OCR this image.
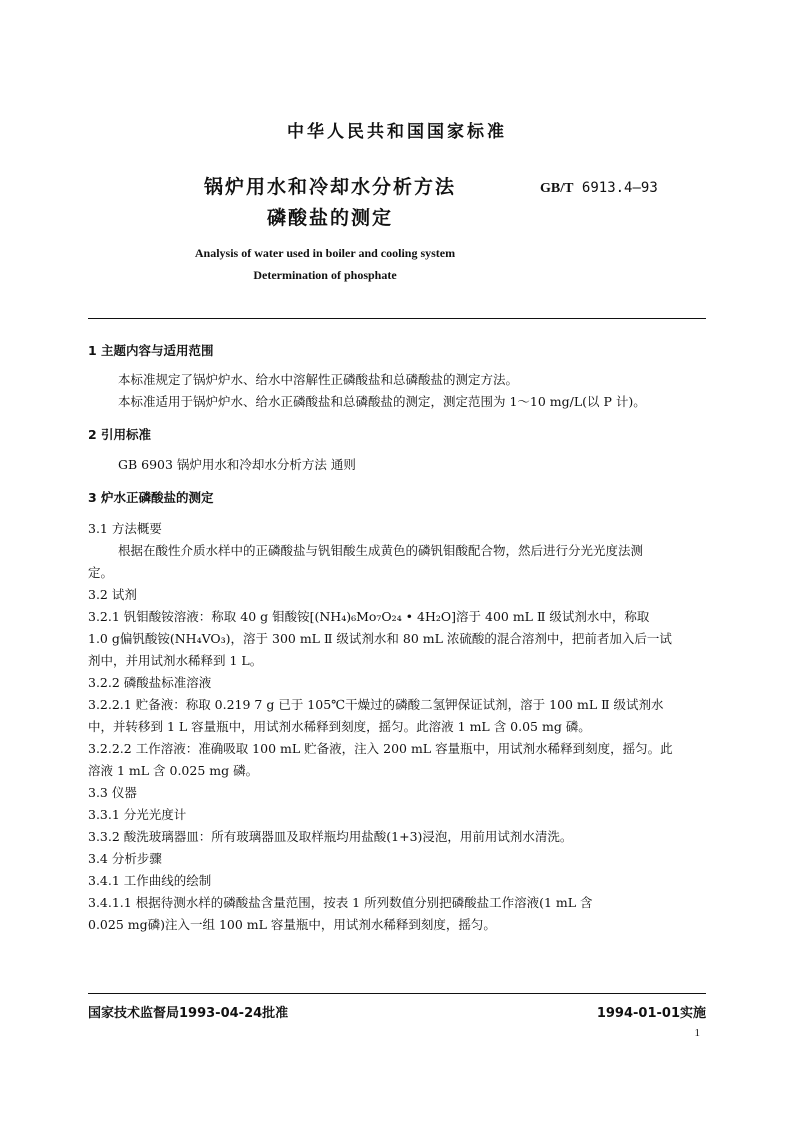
中华人民共和国国家标准
锅炉用水和冷却水分析方法
磷酸盐的测定
GB/T 6913.4—93
Analysis of water used in boiler and cooling system
Determination of phosphate
1 主题内容与适用范围
本标准规定了锅炉炉水、给水中溶解性正磷酸盐和总磷酸盐的测定方法。
本标准适用于锅炉炉水、给水正磷酸盐和总磷酸盐的测定，测定范围为 1～10 mg/L(以 P 计)。
2 引用标准
GB 6903 锅炉用水和冷却水分析方法 通则
3 炉水正磷酸盐的测定
3.1 方法概要
根据在酸性介质水样中的正磷酸盐与钒钼酸生成黄色的磷钒钼酸配合物，然后进行分光光度法测
定。
3.2 试剂
3.2.1 钒钼酸铵溶液：称取 40 g 钼酸铵[(NH₄)₆Mo₇O₂₄ • 4H₂O]溶于 400 mL Ⅱ 级试剂水中，称取
1.0 g偏钒酸铵(NH₄VO₃)，溶于 300 mL Ⅱ 级试剂水和 80 mL 浓硫酸的混合溶剂中，把前者加入后一试
剂中，并用试剂水稀释到 1 L。
3.2.2 磷酸盐标准溶液
3.2.2.1 贮备液：称取 0.219 7 g 已于 105℃干燥过的磷酸二氢钾保证试剂，溶于 100 mL Ⅱ 级试剂水
中，并转移到 1 L 容量瓶中，用试剂水稀释到刻度，摇匀。此溶液 1 mL 含 0.05 mg 磷。
3.2.2.2 工作溶液：准确吸取 100 mL 贮备液，注入 200 mL 容量瓶中，用试剂水稀释到刻度，摇匀。此
溶液 1 mL 含 0.025 mg 磷。
3.3 仪器
3.3.1 分光光度计
3.3.2 酸洗玻璃器皿：所有玻璃器皿及取样瓶均用盐酸(1+3)浸泡，用前用试剂水清洗。
3.4 分析步骤
3.4.1 工作曲线的绘制
3.4.1.1 根据待测水样的磷酸盐含量范围，按表 1 所列数值分别把磷酸盐工作溶液(1 mL 含
0.025 mg磷)注入一组 100 mL 容量瓶中，用试剂水稀释到刻度，摇匀。
国家技术监督局1993-04-24批准	1994-01-01实施
1
